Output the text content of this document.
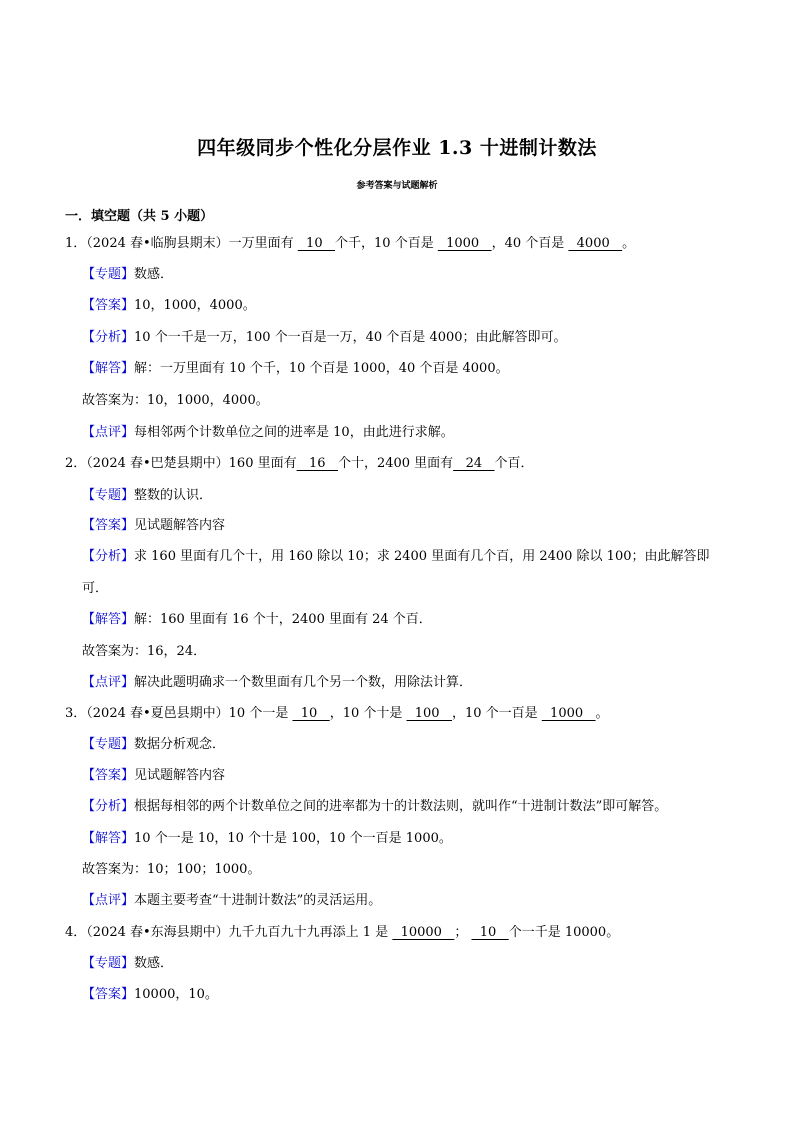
四年级同步个性化分层作业 1.3 十进制计数法
参考答案与试题解析
一．填空题（共 5 小题）
1．（2024 春•临朐县期末）一万里面有   10   个千，10 个百是   1000   ，40 个百是   4000   。
【专题】数感．
【答案】10，1000，4000。
【分析】10 个一千是一万，100 个一百是一万，40 个百是 4000；由此解答即可。
【解答】解：一万里面有 10 个千，10 个百是 1000，40 个百是 4000。
故答案为：10，1000，4000。
【点评】每相邻两个计数单位之间的进率是 10，由此进行求解。
2．（2024 春•巴楚县期中）160 里面有   16   个十，2400 里面有   24   个百．
【专题】整数的认识．
【答案】见试题解答内容
【分析】求 160 里面有几个十，用 160 除以 10；求 2400 里面有几个百，用 2400 除以 100；由此解答即
可．
【解答】解：160 里面有 16 个十，2400 里面有 24 个百．
故答案为：16，24．
【点评】解决此题明确求一个数里面有几个另一个数，用除法计算．
3．（2024 春•夏邑县期中）10 个一是   10   ，10 个十是   100   ，10 个一百是   1000   。
【专题】数据分析观念．
【答案】见试题解答内容
【分析】根据每相邻的两个计数单位之间的进率都为十的计数法则，就叫作“十进制计数法”即可解答。
【解答】10 个一是 10，10 个十是 100，10 个一百是 1000。
故答案为：10；100；1000。
【点评】本题主要考查“十进制计数法”的灵活运用。
4．（2024 春•东海县期中）九千九百九十九再添上 1 是   10000   ；   10   个一千是 10000。
【专题】数感．
【答案】10000，10。
